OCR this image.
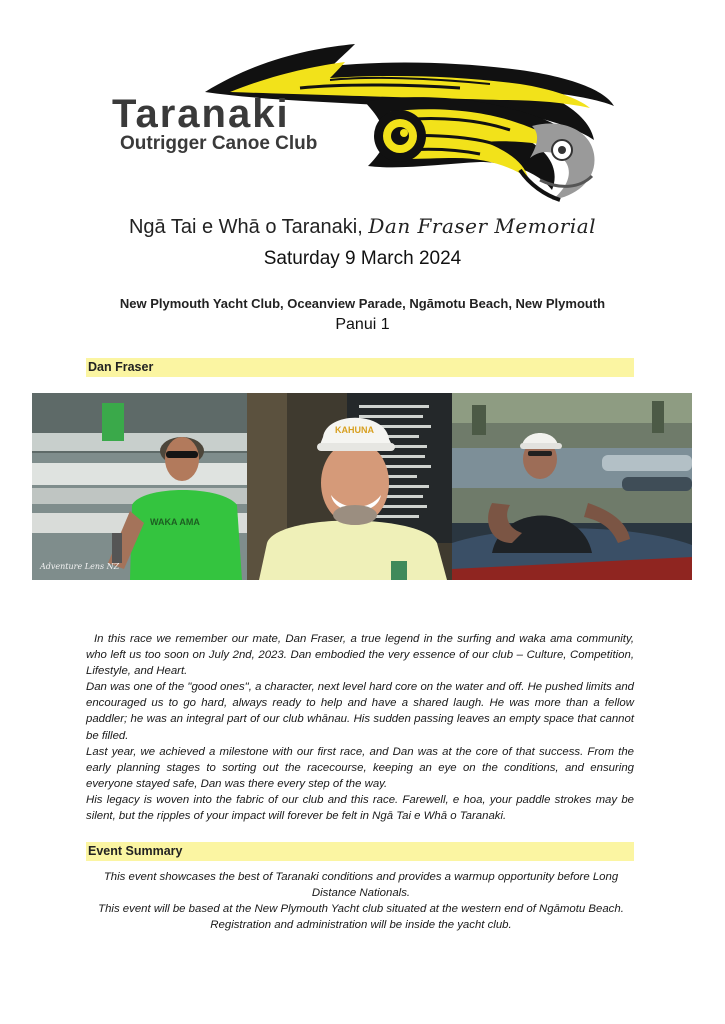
Taranaki
Outrigger Canoe Club
Ngā Tai e Whā o Taranaki, Dan Fraser Memorial
Saturday 9 March 2024
New Plymouth Yacht Club, Oceanview Parade, Ngāmotu Beach, New Plymouth
Panui 1
Dan Fraser
WAKA AMA
Adventure Lens NZ
KAHUNA

In this race we remember our mate, Dan Fraser, a true legend in the surfing and waka ama community, who left us too soon on July 2nd, 2023. Dan embodied the very essence of our club – Culture, Competition, Lifestyle, and Heart.

Dan was one of the "good ones", a character, next level hard core on the water and off. He pushed limits and encouraged us to go hard, always ready to help and have a shared laugh. He was more than a fellow paddler; he was an integral part of our club whānau. His sudden passing leaves an empty space that cannot be filled.

Last year, we achieved a milestone with our first race, and Dan was at the core of that success. From the early planning stages to sorting out the racecourse, keeping an eye on the conditions, and ensuring everyone stayed safe, Dan was there every step of the way.

His legacy is woven into the fabric of our club and this race. Farewell, e hoa, your paddle strokes may be silent, but the ripples of your impact will forever be felt in Ngā Tai e Whā o Taranaki.

Event Summary

This event showcases the best of Taranaki conditions and provides a warmup opportunity before Long Distance Nationals.

This event will be based at the New Plymouth Yacht club situated at the western end of Ngāmotu Beach. Registration and administration will be inside the yacht club.
